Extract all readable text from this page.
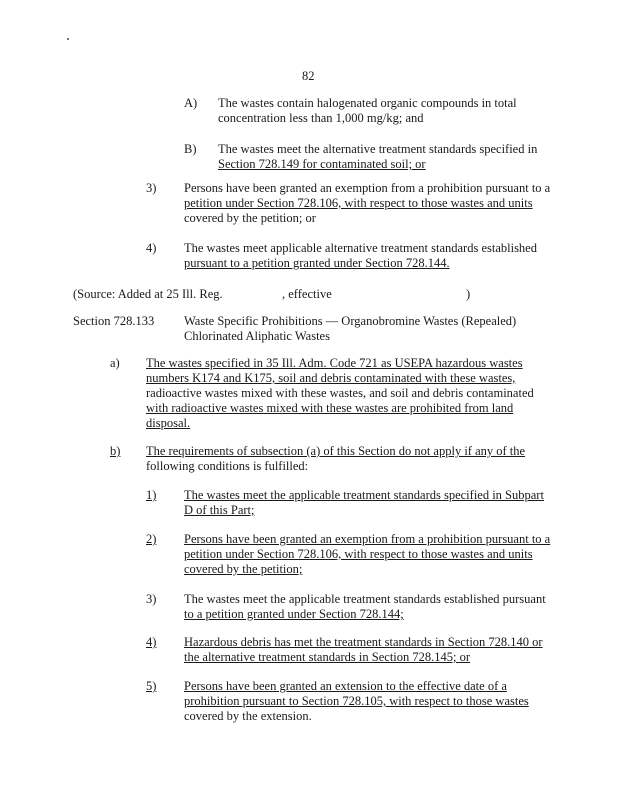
82
A) The wastes contain halogenated organic compounds in total
concentration less than 1,000 mg/kg; and
B) The wastes meet the alternative treatment standards specified in
Section 728.149 for contaminated soil; or
3) Persons have been granted an exemption from a prohibition pursuant to a
petition under Section 728.106, with respect to those wastes and units
covered by the petition; or
4) The wastes meet applicable alternative treatment standards established
pursuant to a petition granted under Section 728.144.
(Source: Added at 25 Ill. Reg.	, effective	)
Section 728.133 Waste Specific Prohibitions — Organobromine Wastes (Repealed)
Chlorinated Aliphatic Wastes
a) The wastes specified in 35 Ill. Adm. Code 721 as USEPA hazardous wastes
numbers K174 and K175, soil and debris contaminated with these wastes,
radioactive wastes mixed with these wastes, and soil and debris contaminated
with radioactive wastes mixed with these wastes are prohibited from land
disposal.
b) The requirements of subsection (a) of this Section do not apply if any of the
following conditions is fulfilled:
1) The wastes meet the applicable treatment standards specified in Subpart
D of this Part;
2) Persons have been granted an exemption from a prohibition pursuant to a
petition under Section 728.106, with respect to those wastes and units
covered by the petition;
3) The wastes meet the applicable treatment standards established pursuant
to a petition granted under Section 728.144;
4) Hazardous debris has met the treatment standards in Section 728.140 or
the alternative treatment standards in Section 728.145; or
5) Persons have been granted an extension to the effective date of a
prohibition pursuant to Section 728.105, with respect to those wastes
covered by the extension.
